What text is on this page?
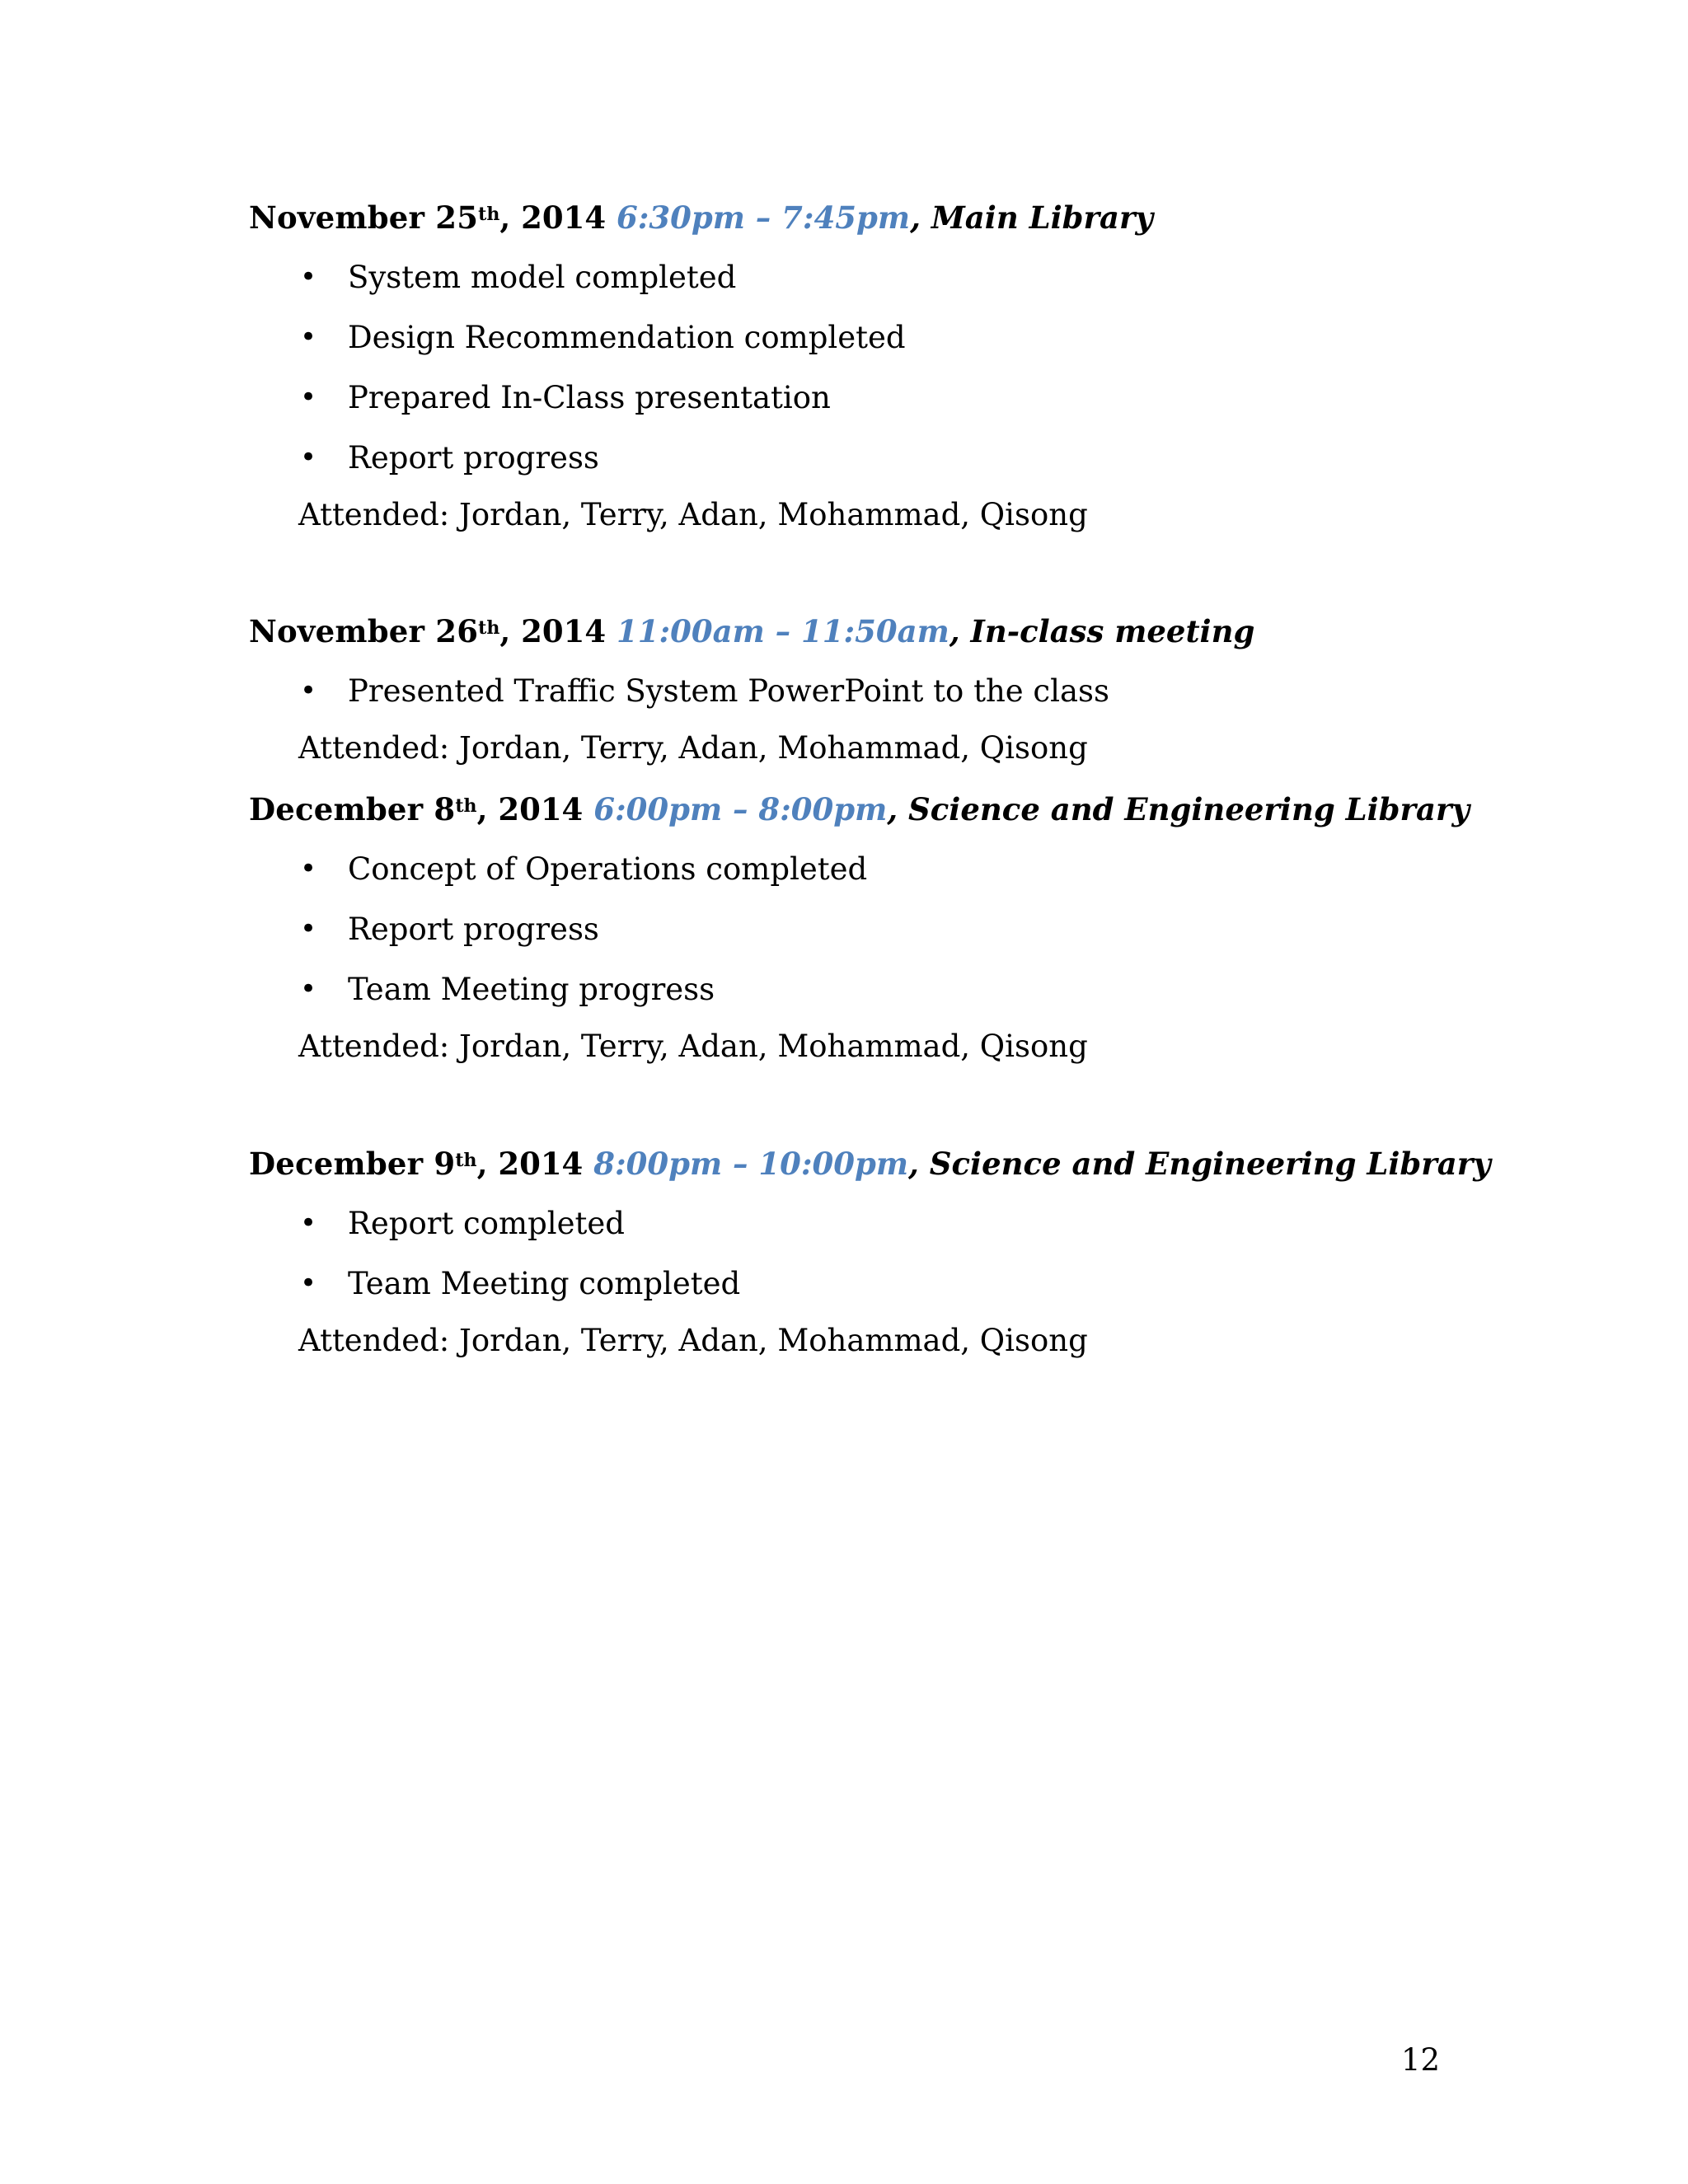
November 25th, 2014 6:30pm – 7:45pm, Main Library

• System model completed
• Design Recommendation completed
• Prepared In-Class presentation
• Report progress
Attended: Jordan, Terry, Adan, Mohammad, Qisong

November 26th, 2014 11:00am – 11:50am, In-class meeting

• Presented Traffic System PowerPoint to the class
Attended: Jordan, Terry, Adan, Mohammad, Qisong

December 8th, 2014 6:00pm – 8:00pm, Science and Engineering Library

• Concept of Operations completed
• Report progress
• Team Meeting progress
Attended: Jordan, Terry, Adan, Mohammad, Qisong

December 9th, 2014 8:00pm – 10:00pm, Science and Engineering Library

• Report completed
• Team Meeting completed
Attended: Jordan, Terry, Adan, Mohammad, Qisong
12
